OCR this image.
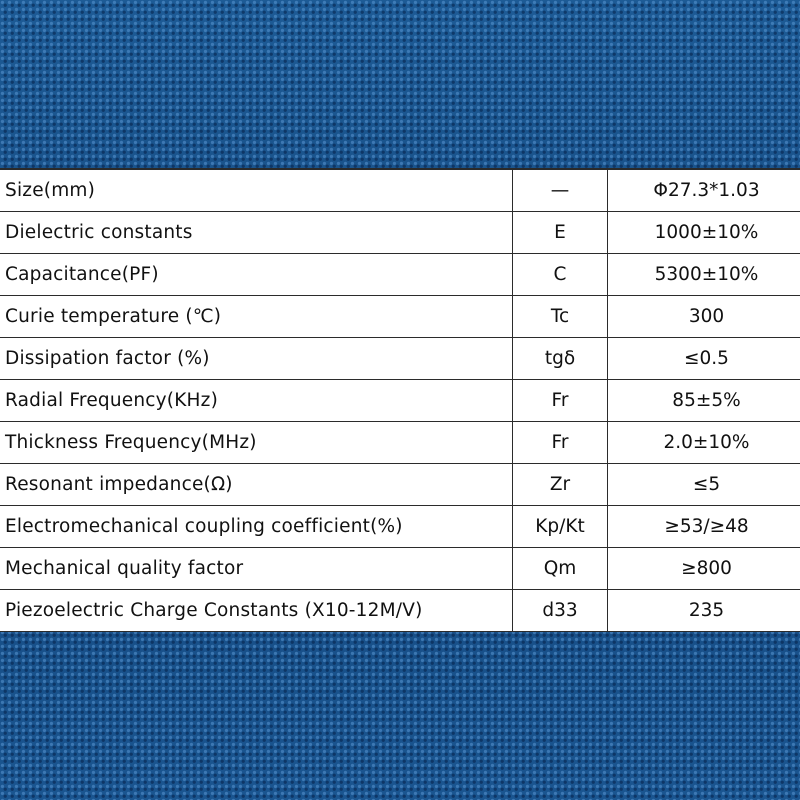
Size(mm)	—	Φ27.3*1.03
Dielectric constants	E	1000±10%
Capacitance(PF)	C	5300±10%
Curie temperature (℃)	Tc	300
Dissipation factor (%)	tgδ	≤0.5
Radial Frequency(KHz)	Fr	85±5%
Thickness Frequency(MHz)	Fr	2.0±10%
Resonant impedance(Ω)	Zr	≤5
Electromechanical coupling coefficient(%)	Kp/Kt	≥53/≥48
Mechanical quality factor	Qm	≥800
Piezoelectric Charge Constants (X10-12M/V)	d33	235
